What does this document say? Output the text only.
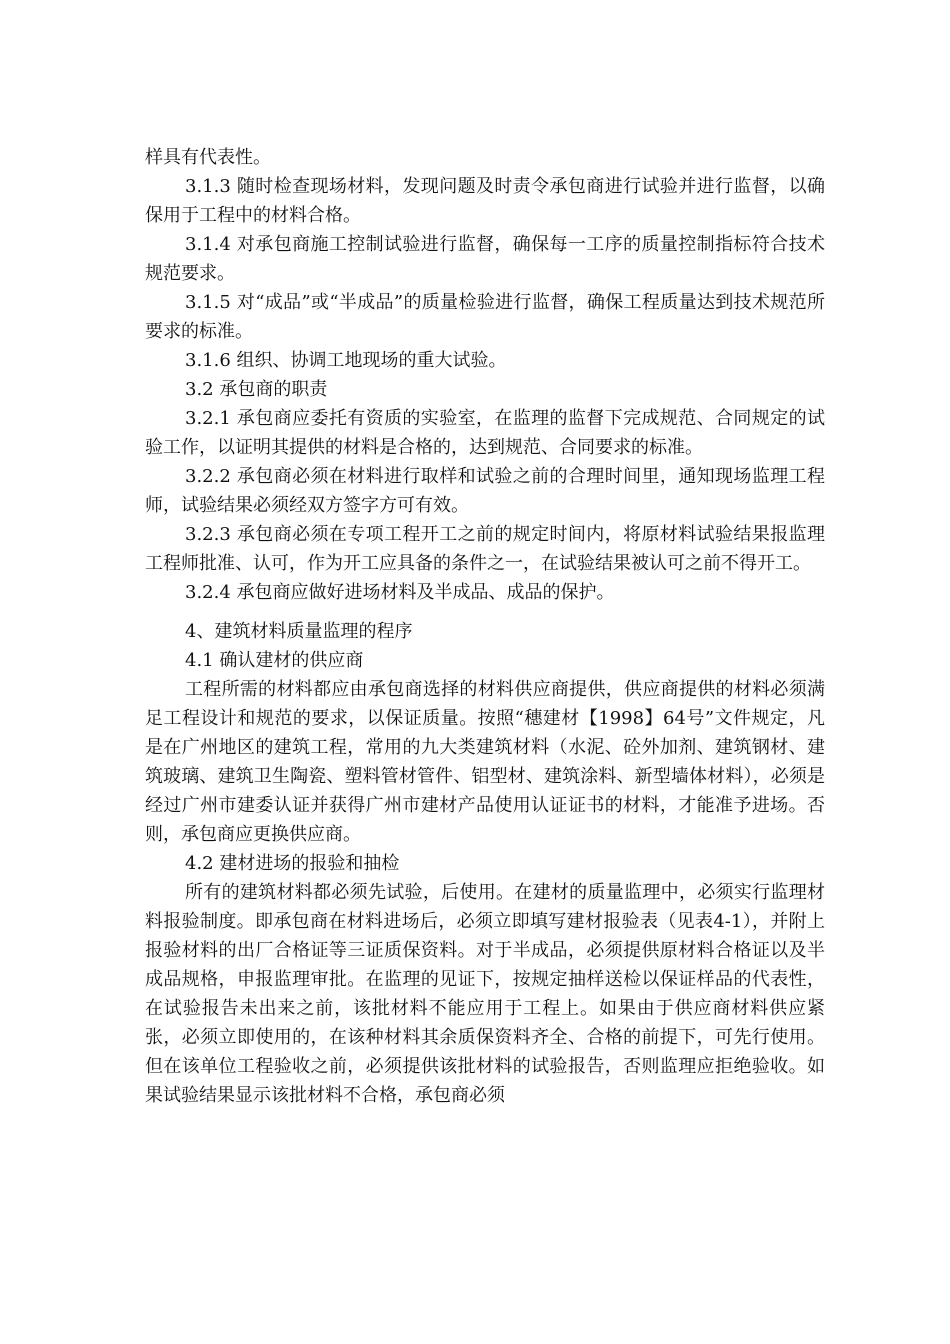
样具有代表性。

3.1.3 随时检查现场材料，发现问题及时责令承包商进行试验并进行监督，以确保用于工程中的材料合格。

3.1.4 对承包商施工控制试验进行监督，确保每一工序的质量控制指标符合技术规范要求。

3.1.5 对“成品”或“半成品”的质量检验进行监督，确保工程质量达到技术规范所要求的标准。

3.1.6 组织、协调工地现场的重大试验。

3.2 承包商的职责

3.2.1 承包商应委托有资质的实验室，在监理的监督下完成规范、合同规定的试验工作，以证明其提供的材料是合格的，达到规范、合同要求的标准。

3.2.2 承包商必须在材料进行取样和试验之前的合理时间里，通知现场监理工程师，试验结果必须经双方签字方可有效。

3.2.3 承包商必须在专项工程开工之前的规定时间内，将原材料试验结果报监理工程师批准、认可，作为开工应具备的条件之一，在试验结果被认可之前不得开工。

3.2.4 承包商应做好进场材料及半成品、成品的保护。

4、建筑材料质量监理的程序

4.1 确认建材的供应商

工程所需的材料都应由承包商选择的材料供应商提供，供应商提供的材料必须满足工程设计和规范的要求，以保证质量。按照“穗建材【1998】64号”文件规定，凡是在广州地区的建筑工程，常用的九大类建筑材料（水泥、砼外加剂、建筑钢材、建筑玻璃、建筑卫生陶瓷、塑料管材管件、铝型材、建筑涂料、新型墙体材料），必须是经过广州市建委认证并获得广州市建材产品使用认证证书的材料，才能准予进场。否则，承包商应更换供应商。

4.2 建材进场的报验和抽检

所有的建筑材料都必须先试验，后使用。在建材的质量监理中，必须实行监理材料报验制度。即承包商在材料进场后，必须立即填写建材报验表（见表4-1），并附上报验材料的出厂合格证等三证质保资料。对于半成品，必须提供原材料合格证以及半成品规格，申报监理审批。在监理的见证下，按规定抽样送检以保证样品的代表性，在试验报告未出来之前，该批材料不能应用于工程上。如果由于供应商材料供应紧张，必须立即使用的，在该种材料其余质保资料齐全、合格的前提下，可先行使用。但在该单位工程验收之前，必须提供该批材料的试验报告，否则监理应拒绝验收。如果试验结果显示该批材料不合格，承包商必须
